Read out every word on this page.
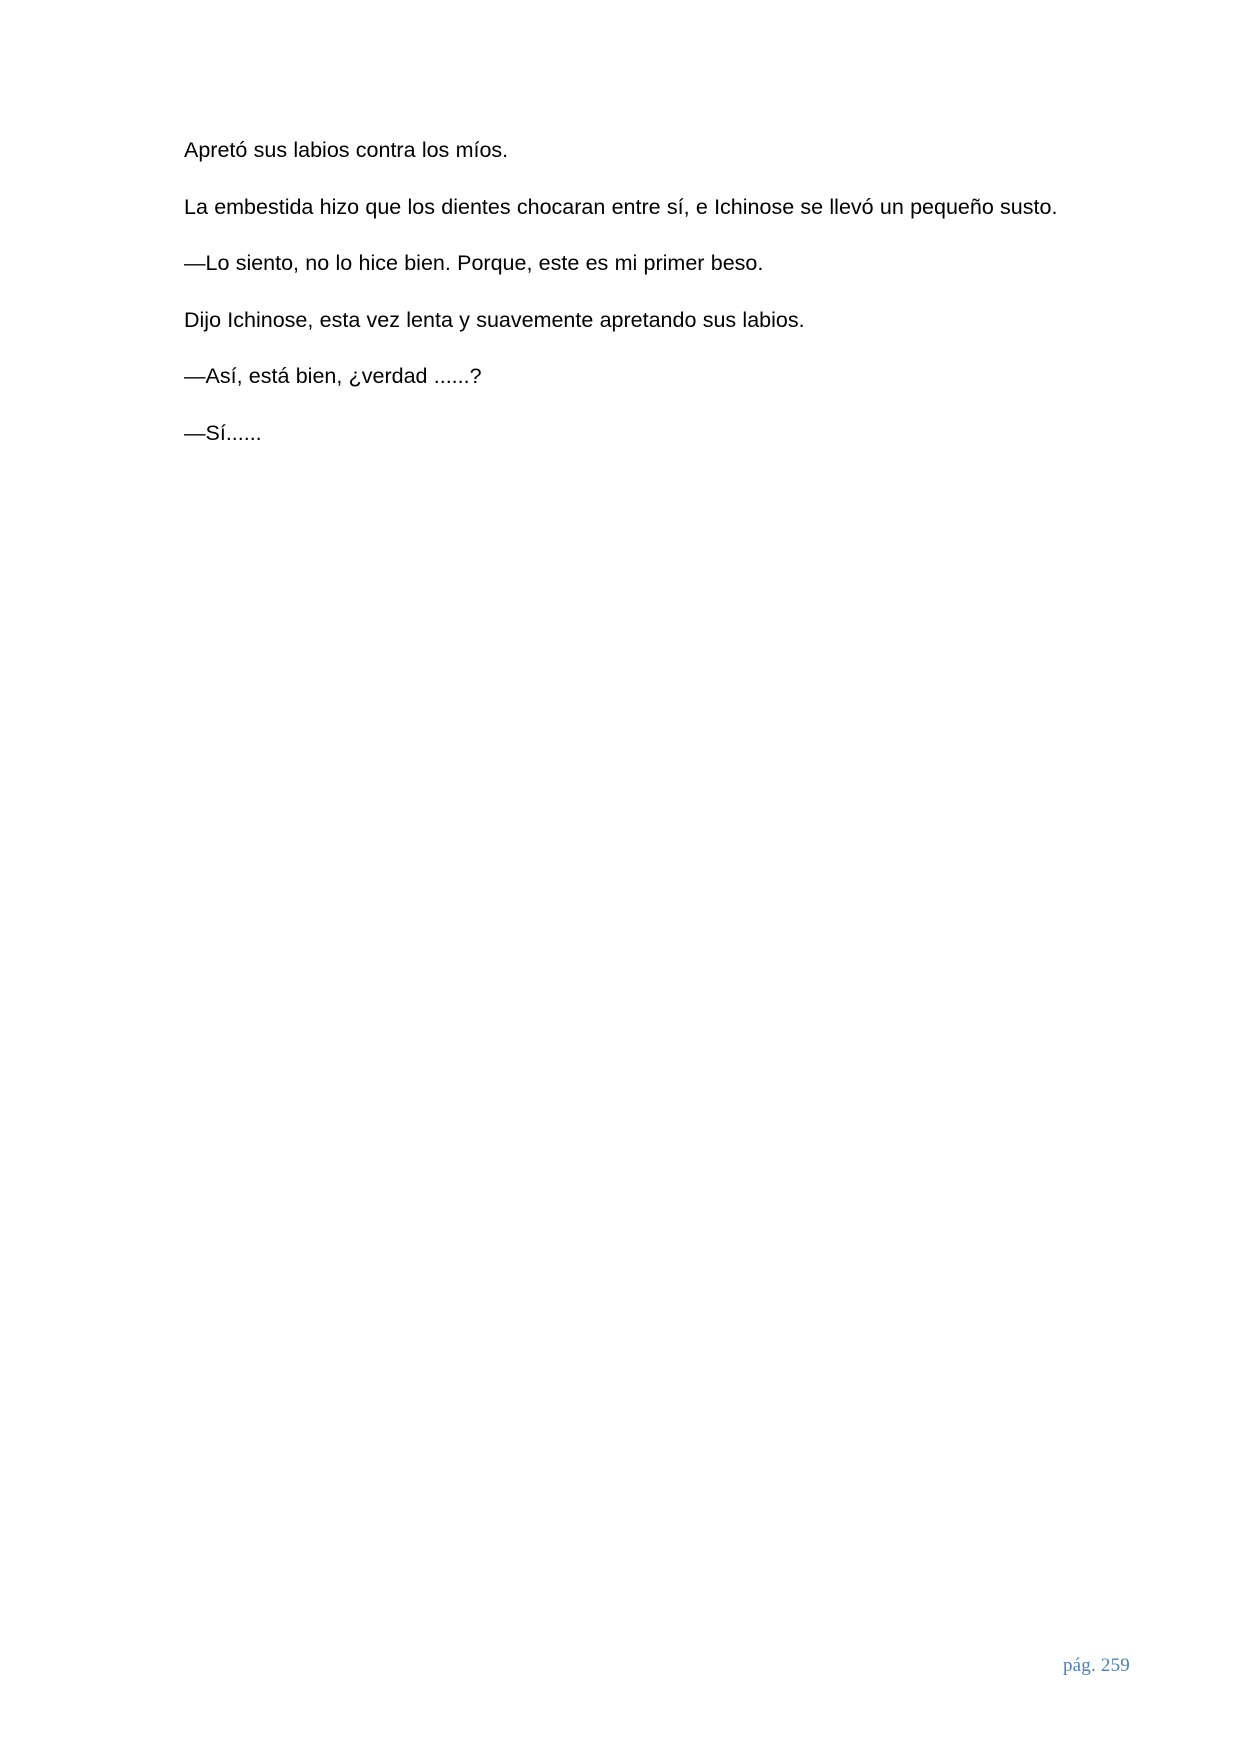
Apretó sus labios contra los míos.

La embestida hizo que los dientes chocaran entre sí, e Ichinose se llevó un pequeño susto.

—Lo siento, no lo hice bien. Porque, este es mi primer beso.

Dijo Ichinose, esta vez lenta y suavemente apretando sus labios.

—Así, está bien, ¿verdad ......?

—Sí......

pág. 259
